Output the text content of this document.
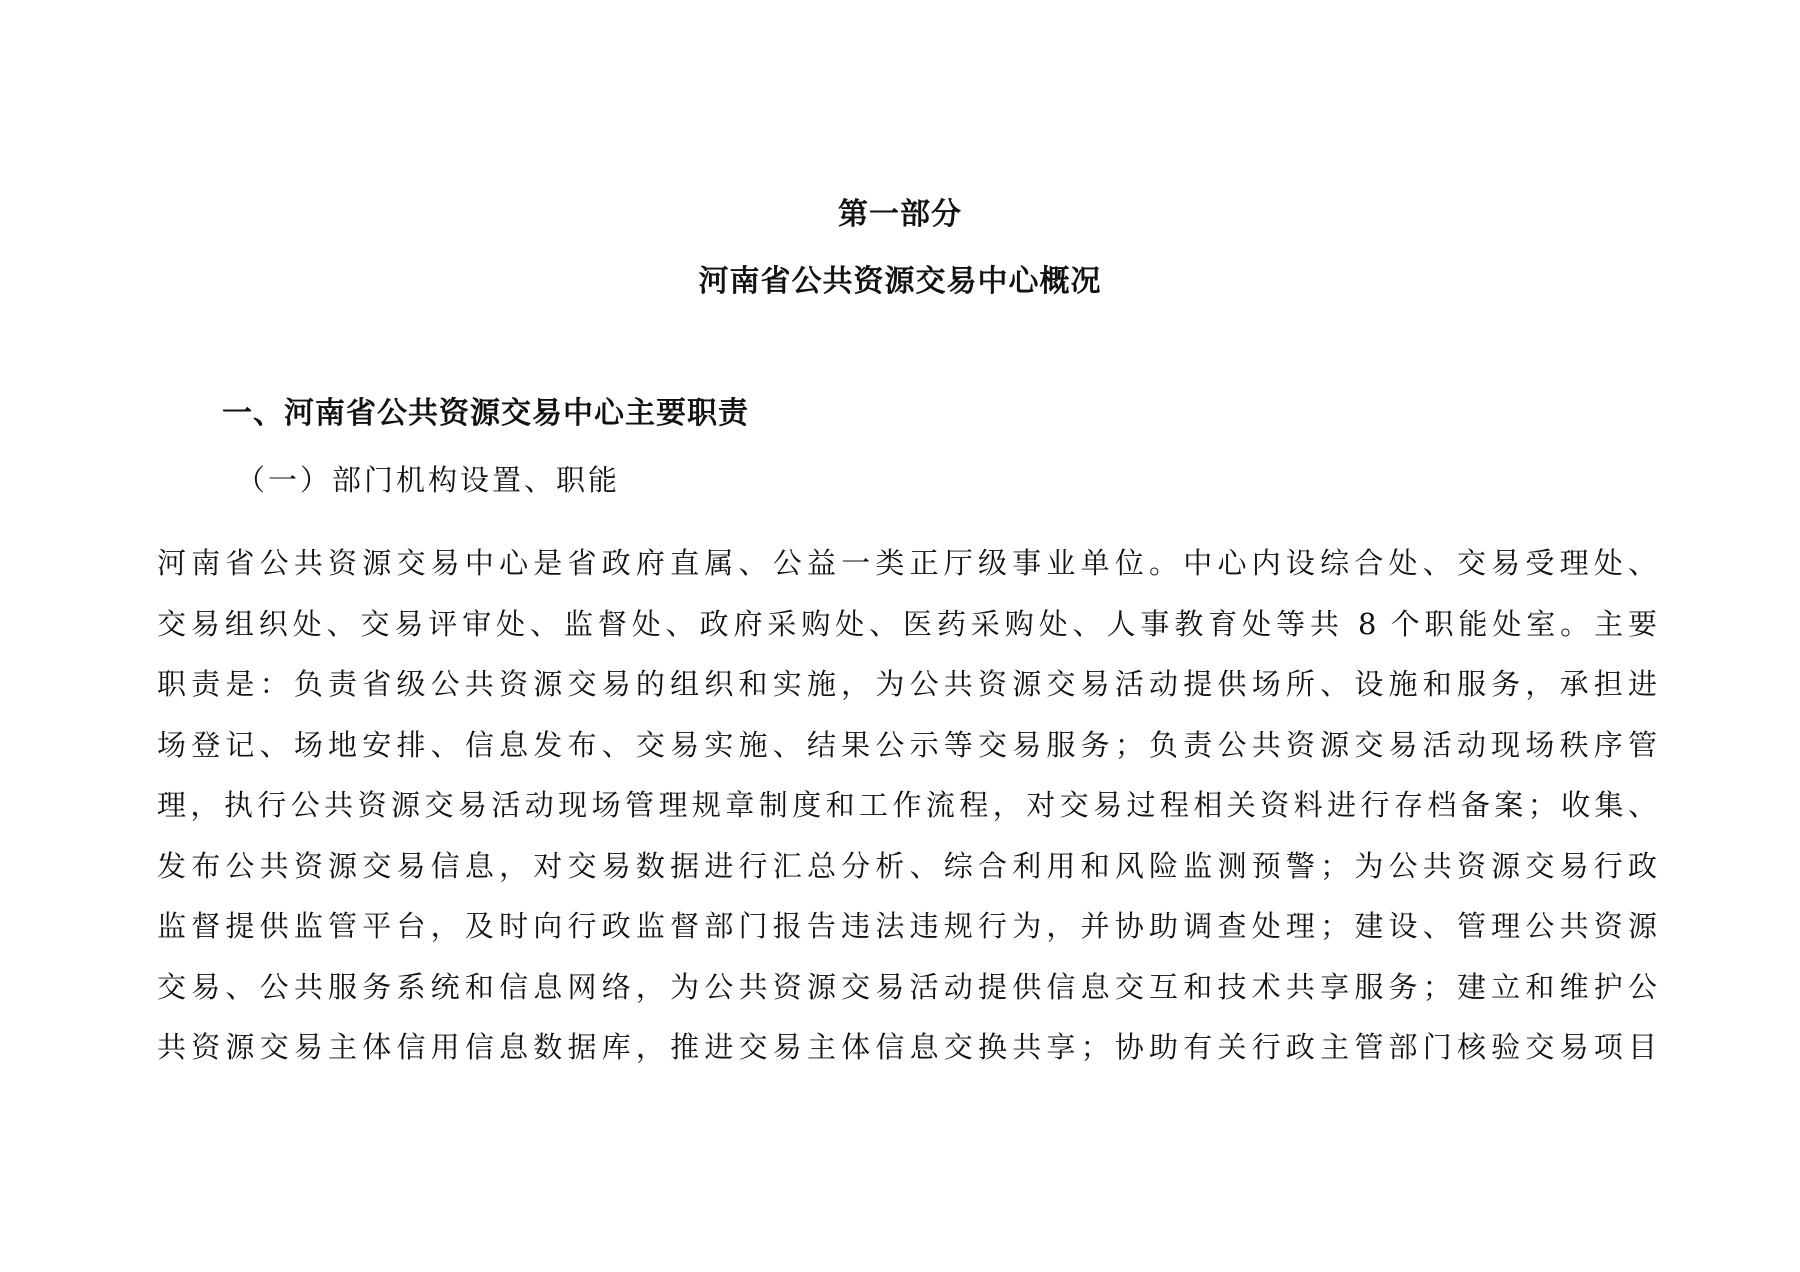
第一部分
河南省公共资源交易中心概况
一、河南省公共资源交易中心主要职责
（一）部门机构设置、职能
河南省公共资源交易中心是省政府直属、公益一类正厅级事业单位。中心内设综合处、交易受理处、
交易组织处、交易评审处、监督处、政府采购处、医药采购处、人事教育处等共 8 个职能处室。主要
职责是：负责省级公共资源交易的组织和实施，为公共资源交易活动提供场所、设施和服务，承担进
场登记、场地安排、信息发布、交易实施、结果公示等交易服务；负责公共资源交易活动现场秩序管
理，执行公共资源交易活动现场管理规章制度和工作流程，对交易过程相关资料进行存档备案；收集、
发布公共资源交易信息，对交易数据进行汇总分析、综合利用和风险监测预警；为公共资源交易行政
监督提供监管平台，及时向行政监督部门报告违法违规行为，并协助调查处理；建设、管理公共资源
交易、公共服务系统和信息网络，为公共资源交易活动提供信息交互和技术共享服务；建立和维护公
共资源交易主体信用信息数据库，推进交易主体信息交换共享；协助有关行政主管部门核验交易项目
